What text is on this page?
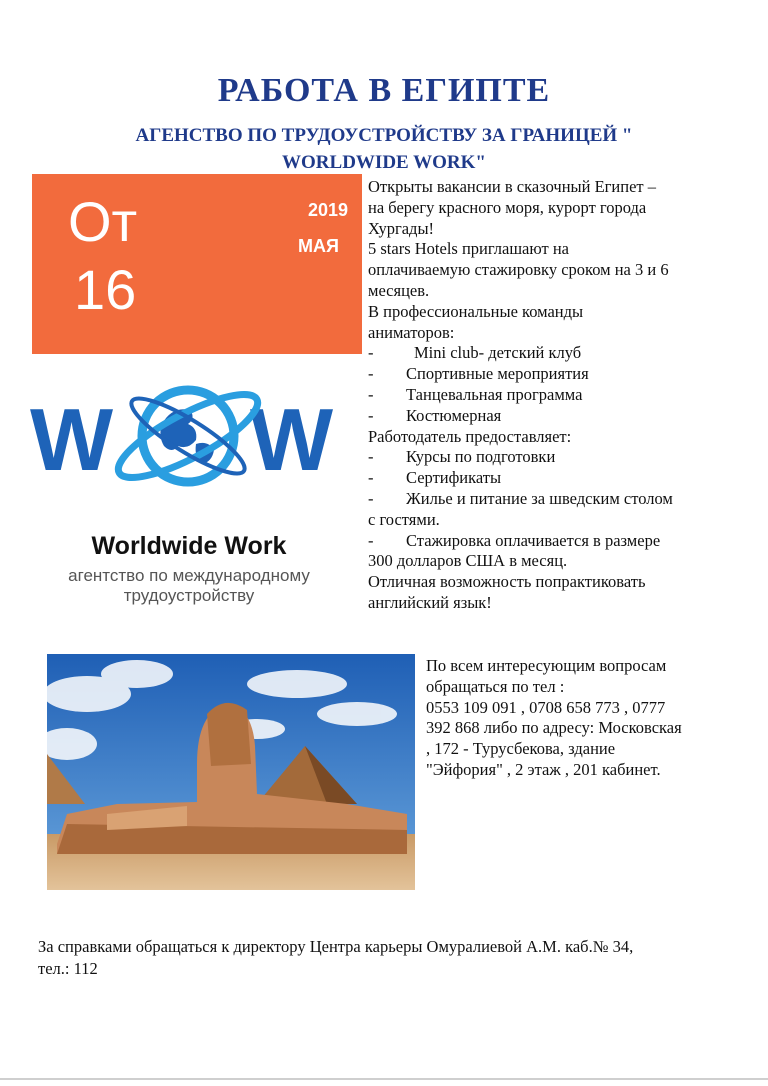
РАБОТА В ЕГИПТЕ
АГЕНСТВО ПО ТРУДОУСТРОЙСТВУ ЗА ГРАНИЦЕЙ "
WORLDWIDE WORK"
От
16
2019
МАЯ
W W
Worldwide Work
агентство по международному
трудоустройству

Открыты вакансии в сказочный Египет –

на берегу красного моря, курорт города

Хургады!

5 stars Hotels приглашают на

оплачиваемую стажировку сроком на 3 и 6

месяцев.

В профессиональные команды

аниматоров:

-	Mini club- детский клуб
-	Спортивные мероприятия
-	Танцевальная программа
-	Костюмерная

Работодатель предоставляет:

-	Курсы по подготовки
-	Сертификаты
- Жилье и питание за шведским столом

с гостями.

- Стажировка оплачивается в размере

300 долларов США в месяц.

Отличная возможность попрактиковать

английский язык!

По всем интересующим вопросам
обращаться по тел :
0553 109 091 , 0708 658 773 , 0777
392 868 либо по адресу: Московская
, 172 - Турусбекова, здание
"Эйфория" , 2 этаж , 201 кабинет.
За справками обращаться к директору Центра карьеры Омуралиевой А.М. каб.№ 34,
тел.: 112
